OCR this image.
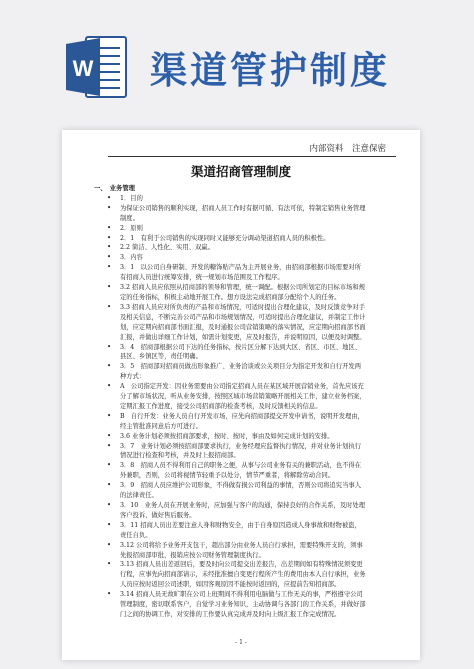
W 渠道管护制度
内部资料　注意保密
渠道招商管理制度

一、　业务管理

• 1．目的

• 为保证公司销售的顺利实现，招商人员工作时有据可循、有法可依，特制定销售业务管理制度。

• 2．原则

• 2．1　有利于公司销售的实现同时又能够充分调动渠道招商人员的积极性。

• 2.2 简洁、人性化、实用、双赢。

• 3．内容

• 3．1　以公司自身研制、开发的糖饰贴产品为主开展业务，由招商部根据市场需要对所有招商人员进行统筹安排，统一规划市场范围及工作程序。

• 3.2 招商人员应依照从招商部的领导和管理，统一调配。根据公司所划定的目标市场和规定的任务指标，积极主动地开展工作。想方设法完成招商部分配给个人的任务。

• 3.3 招商人员应对所负责的产品和市场情况，可适时提出合理化建议，及时反馈竞争对手及相关信息，不断完善公司产品和市场规划情况，可适时提出合理化建议，并制定工作计划，应定期向招商部书面汇报，及时通报公司营销策略的落实情况，应定期向招商部书面汇报，并做出详细工作计划，如需计划变更，应及时报告，并说明原因，以便及时调整。

• 3．4　招商部根据公司下达的任务指标，按片区分解下达到大区、省区、市区、地区、县区、乡镇区等，责任明确。

• 3．5　招商部对招商员做出形象推广、业务洽谈或公关项目分为指定开发和自行开发两种方式：

• A　公司指定开发：因业务需要由公司指定招商人员在某区域开展营销业务，首先应该充分了解市场状况，听从业务安排，按照区域市场营销策略开展相关工作，建立业务档案，定期汇报工作进度，接受公司招商部的检查考核，及时反馈相关的信息。

• B　自行开发：业务人员自行开发市场，应先向招商部提交开发申请书，说明开发理由，经主管批准同意后方可进行。

• 3.6 业务计划必须按招商部要求，按时、按时，事由及如何完成计划的安排。

• 3．7　业务计划必须按招商部要求执行，业务经理应监督执行情况，并对业务计划执行情况进行检查和考核，并及时上报招商部。

• 3．8　招商人员不得利用自己的职务之便，从事与公司业务有关的兼职活动，也不得在外兼职，否则，公司将视情节轻重予以处分，情节严重者，将解除劳动合同。

• 3．9　招商人员应维护公司形象，不得做有损公司利益的事情，否则公司将追究当事人的法律责任。

• 3．10　业务人员在开展业务时，应加强与客户的沟通，保持良好的合作关系，及时处理客户投诉，做好售后服务。

• 3．11 招商人员出差要注意人身和财物安全，由于自身原因造成人身事故和财物被盗，责任自负。

• 3.12 公司将给予业务开支包干，超出部分由业务人员自行承担，需要特殊开支的，须事先报招商部审批，报销应按公司财务管理制度执行。

• 3.13 招商人员出差返回后，要及时向公司提交出差报告，出差期间如有特殊情况须变更行程，应事先向招商部请示，未经批准擅自变更行程所产生的费用由本人自行承担，业务人员应按时返回公司述职，如因客观原因不能按时返回的，应提前告知招商部。

• 3.14 招商人员无故旷职在公司上班期间不得利用电脑做与工作无关的事，严格遵守公司管理制度，密切联系客户，自觉学习业务知识，主动协调与各部门的工作关系，并做好部门之间的协调工作，对安排的工作要认真完成并及时向上级汇报工作完成情况。

- 1 -
